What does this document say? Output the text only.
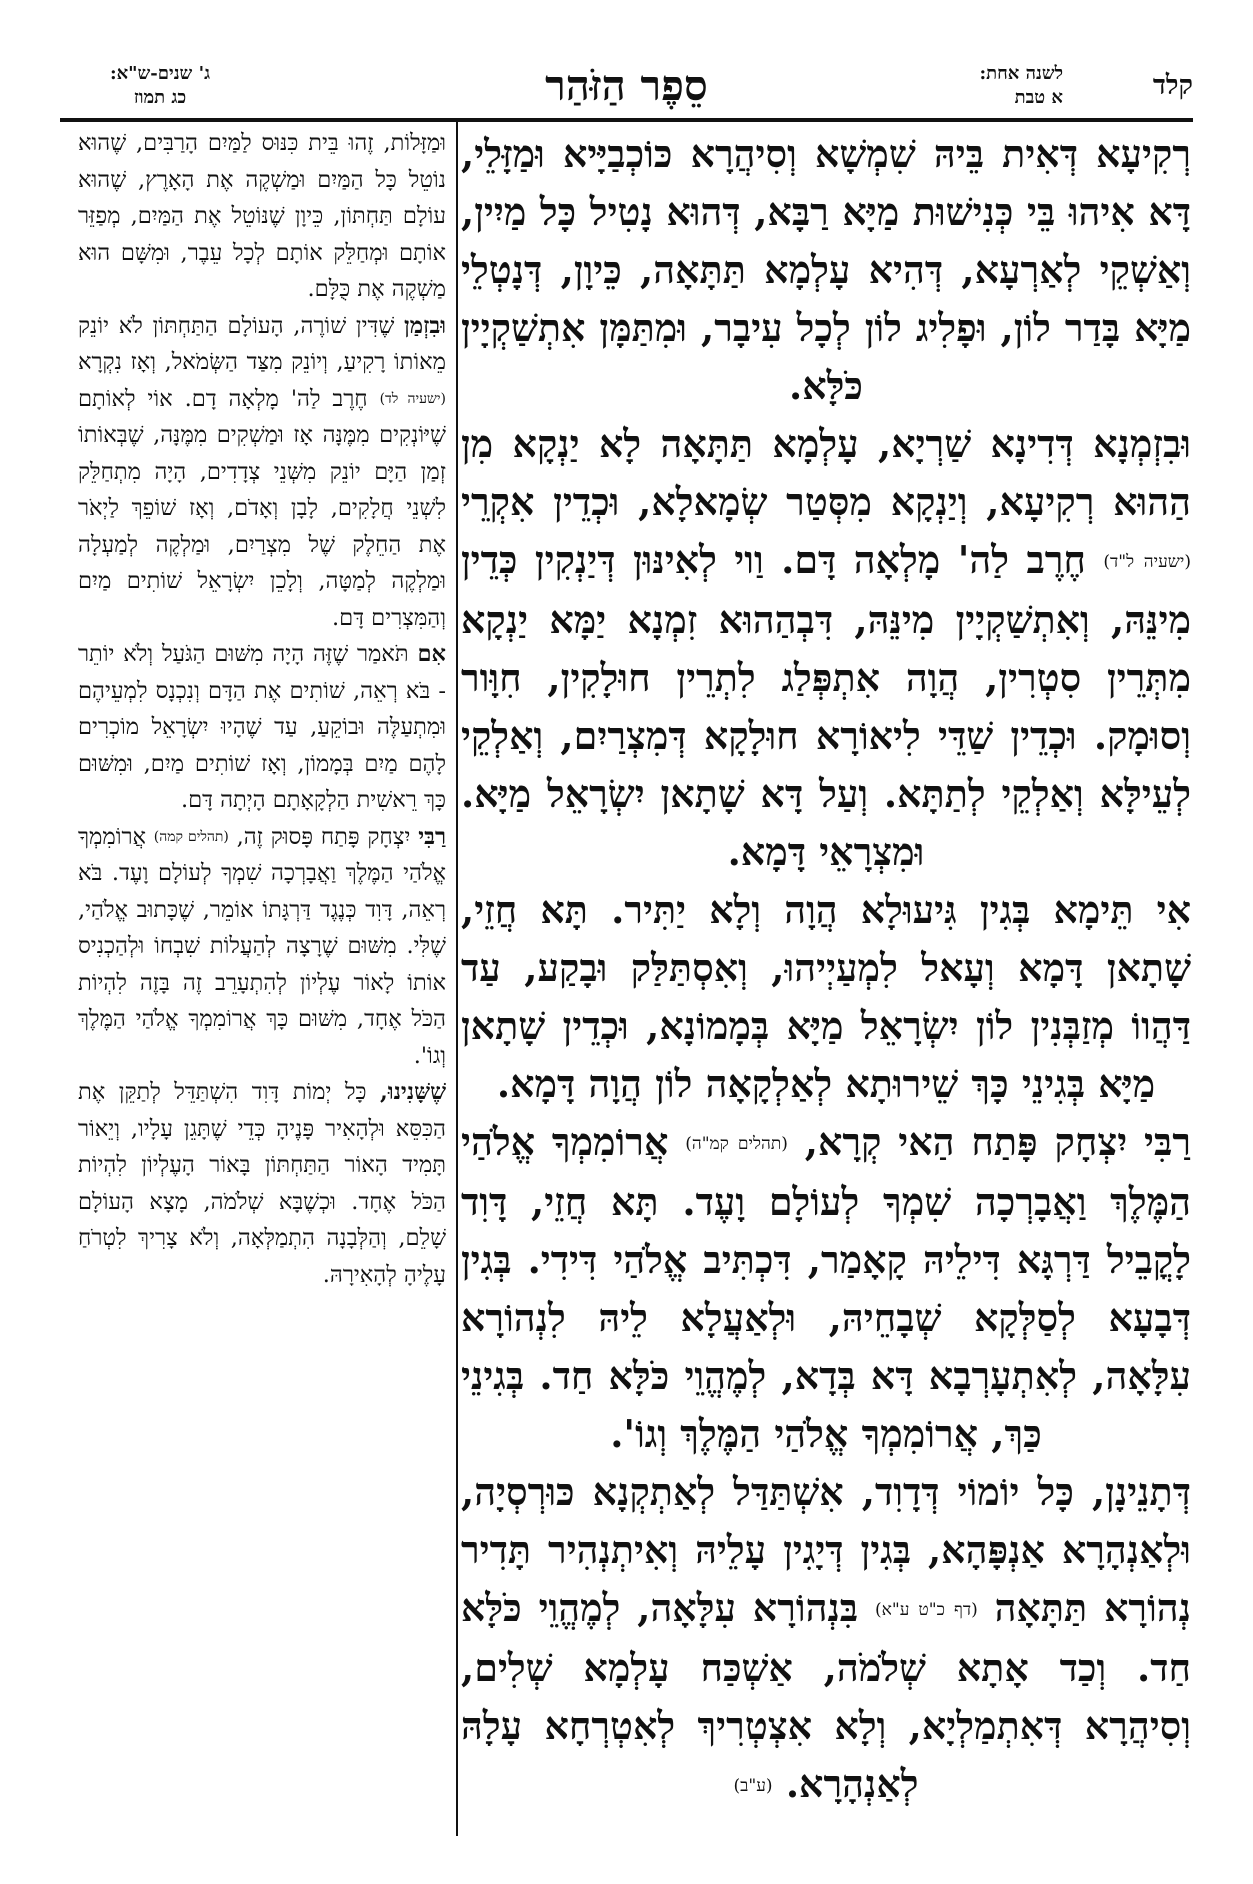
קלד
לשנה אחת:
א טבת
סֵפֶר הַזֹּהַר
ג' שנים-ש"א:
כג תמוז

רְקִיעָא דְּאִית בֵּיהּ שִׁמְשָׁא וְסִיהֲרָא כּוֹכְבַיָּיא וּמַזָּלֵי, דָּא אִיהוּ בֵּי כְּנִישׁוּת מַיָּא רַבָּא, דְּהוּא נָטִיל כָּל מַיִין, וְאַשְׁקֵי לְאַרְעָא, דְּהִיא עָלְמָא תַּתָּאָה, כֵּיוָן, דְּנָטְלֵי מַיָּא בָּדַר לוֹן, וּפָלִיג לוֹן לְכָל עִיבָר, וּמִתַּמָּן אִתְשַׁקְיָין כֹּלָּא.

וּבִזְמְנָא דְּדִינָא שַׁרְיָא, עָלְמָא תַּתָּאָה לָא יַנְקָא מִן הַהוּא רְקִיעָא, וְיַנְקָא מִסְּטַר שְׂמָאלָא, וּכְדֵין אִקְרֵי (ישעיה ל"ד) חֶרֶב לַה' מָלְאָה דָּם. וַוי לְאִינּוּן דְּיַנְקִין כְּדֵין מִינֵּהּ, וְאִתְשַׁקְיָין מִינֵּהּ, דִּבְהַהוּא זִמְנָא יַמָּא יַנְקָא מִתְּרֵין סִטְרִין, הֲוָה אִתְפְּלַג לִתְרֵין חוּלָקִין, חִוָּור וְסוּמָק. וּכְדֵין שַׁדֵּי לִיאוֹרָא חוּלָקָא דְּמִצְרַיִם, וְאַלְקֵי לְעֵילָּא וְאַלְקֵי לְתַתָּא. וְעַל דָּא שָׁתָאן יִשְׂרָאֵל מַיָּא. וּמִצְרָאֵי דָּמָא.

אִי תֵּימָא בְּגִין גִּיעוּלָא הֲוָה וְלָא יַתִּיר. תָּא חֲזֵי, שָׁתָאן דָּמָא וְעָאל לִמְעַיְיהוּ, וְאִסְתַּלַּק וּבָקַע, עַד דַּהֲווֹ מְזַבְּנִין לוֹן יִשְׂרָאֵל מַיָּא בְּמָמוֹנָא, וּכְדֵין שָׁתָאן מַיָּא בְּגִינֵי כָּךְ שֵׁירוּתָא לְאַלְקָאָה לוֹן הֲוָה דָּמָא.

רַבִּי יִצְחָק פָּתַח הַאי קְרָא, (תהלים קמ"ה) אֲרוֹמִמְךָ אֱלֹהַי הַמֶּלֶךְ וַאֲבָרְכָה שִׁמְךָ לְעוֹלָם וָעֶד. תָּא חֲזֵי, דָּוִד לָקֳבֵיל דַּרְגָּא דִּילֵיהּ קָאָמַר, דִּכְתִּיב אֱלֹהַי דִּידִי. בְּגִין דְּבָעָא לְסַלְּקָא שְׁבָחֵיהּ, וּלְאַעֲלָא לֵיהּ לִנְהוֹרָא עִלָּאָה, לְאִתְעָרְבָא דָּא בְּדָא, לְמֶהֱוֵי כֹּלָּא חַד. בְּגִינֵי כַּךְ, אֲרוֹמִמְךָ אֱלֹהַי הַמֶּלֶךְ וְגוֹ'.

דְּתָנֵינָן, כָּל יוֹמוֹי דְּדָוִד, אִשְׁתַּדַּל לְאַתְקְנָא כּוּרְסְיָה, וּלְאַנְהָרָא אַנְפָּהָא, בְּגִין דְּיָגִין עָלֵיהּ וְאִיתְנְהִיר תָּדִיר נְהוֹרָא תַּתָּאָה (דף כ"ט ע"א) בִּנְהוֹרָא עִלָּאָה, לְמֶהֱוֵי כֹּלָּא חַד. וְכַד אָתָא שְׁלֹמֹה, אַשְׁכַּח עָלְמָא שְׁלִים, וְסִיהֲרָא דְּאִתְמַלְיָא, וְלָא אִצְטְרִיךְ לְאִטְרְחָא עָלָהּ לְאַנְהָרָא. (ע"ב)

וּמַזָּלוֹת, זֶהוּ בֵּית כִּנּוּס לַמַּיִם הָרַבִּים, שֶׁהוּא נוֹטֵל כָּל הַמַּיִם וּמַשְׁקֶה אֶת הָאָרֶץ, שֶׁהוּא עוֹלָם תַּחְתּוֹן, כֵּיוָן שֶׁנּוֹטֵל אֶת הַמַּיִם, מְפַזֵּר אוֹתָם וּמְחַלֵּק אוֹתָם לְכָל עֵבֶר, וּמִשָּׁם הוּא מַשְׁקֶה אֶת כֻּלָּם.

וּבִזְמַן שֶׁדִּין שׁוֹרֶה, הָעוֹלָם הַתַּחְתּוֹן לֹא יוֹנֵק מֵאוֹתוֹ רָקִיעַ, וְיוֹנֵק מִצַּד הַשְּׂמֹאל, וְאָז נִקְרָא (ישעיה לד) חֶרֶב לַה' מָלְאָה דָם. אוֹי לְאוֹתָם שֶׁיּוֹנְקִים מִמֶּנָּה אָז וּמַשְׁקִים מִמֶּנָּה, שֶׁבְּאוֹתוֹ זְמַן הַיָּם יוֹנֵק מִשְּׁנֵי צְדָדִים, הָיָה מִתְחַלֵּק לִשְׁנֵי חֲלָקִים, לָבָן וְאָדֹם, וְאָז שׁוֹפֵךְ לַיְאֹר אֶת הַחֵלֶק שֶׁל מִצְרַיִם, וּמַלְקֶה לְמַעְלָה וּמַלְקֶה לְמַטָּה, וְלָכֵן יִשְׂרָאֵל שׁוֹתִים מַיִם וְהַמִּצְרִים דָּם.

אִם תֹּאמַר שֶׁזֶּה הָיָה מִשּׁוּם הַגֹּעַל וְלֹא יוֹתֵר - בֹּא רְאֵה, שׁוֹתִים אֶת הַדָּם וְנִכְנָס לִמְעֵיהֶם וּמִתְעַלֶּה וּבוֹקֵעַ, עַד שֶׁהָיוּ יִשְׂרָאֵל מוֹכְרִים לָהֶם מַיִם בְּמָמוֹן, וְאָז שׁוֹתִים מַיִם, וּמִשּׁוּם כָּךְ רֵאשִׁית הַלְקָאָתָם הָיְתָה דָּם.

רַבִּי יִצְחָק פָּתַח פָּסוּק זֶה, (תהלים קמה) אֲרוֹמִמְךָ אֱלֹהַי הַמֶּלֶךְ וַאֲבָרְכָה שִׁמְךָ לְעוֹלָם וָעֶד. בֹּא רְאֵה, דָּוִד כְּנֶגֶד דַּרְגָּתוֹ אוֹמֵר, שֶׁכָּתוּב אֱלֹהַי, שֶׁלִּי. מִשּׁוּם שֶׁרָצָה לְהַעֲלוֹת שִׁבְחוֹ וּלְהַכְנִיס אוֹתוֹ לָאוֹר עֶלְיוֹן לְהִתְעָרֵב זֶה בָּזֶה לִהְיוֹת הַכֹּל אֶחָד, מִשּׁוּם כָּךְ אֲרוֹמִמְךָ אֱלֹהַי הַמֶּלֶךְ וְגוֹ'.

שֶׁשָּׁנִינוּ, כָּל יְמוֹת דָּוִד הִשְׁתַּדֵּל לְתַקֵּן אֶת הַכִּסֵּא וּלְהָאִיר פָּנֶיהָ כְּדֵי שֶׁתָּגֵן עָלָיו, וְיֵאוֹר תָּמִיד הָאוֹר הַתַּחְתּוֹן בָּאוֹר הָעֶלְיוֹן לִהְיוֹת הַכֹּל אֶחָד. וּכְשֶׁבָּא שְׁלֹמֹה, מָצָא הָעוֹלָם שָׁלֵם, וְהַלְּבָנָה הִתְמַלְּאָה, וְלֹא צָרִיךְ לִטְרֹחַ עָלֶיהָ לְהָאִירָהּ.
